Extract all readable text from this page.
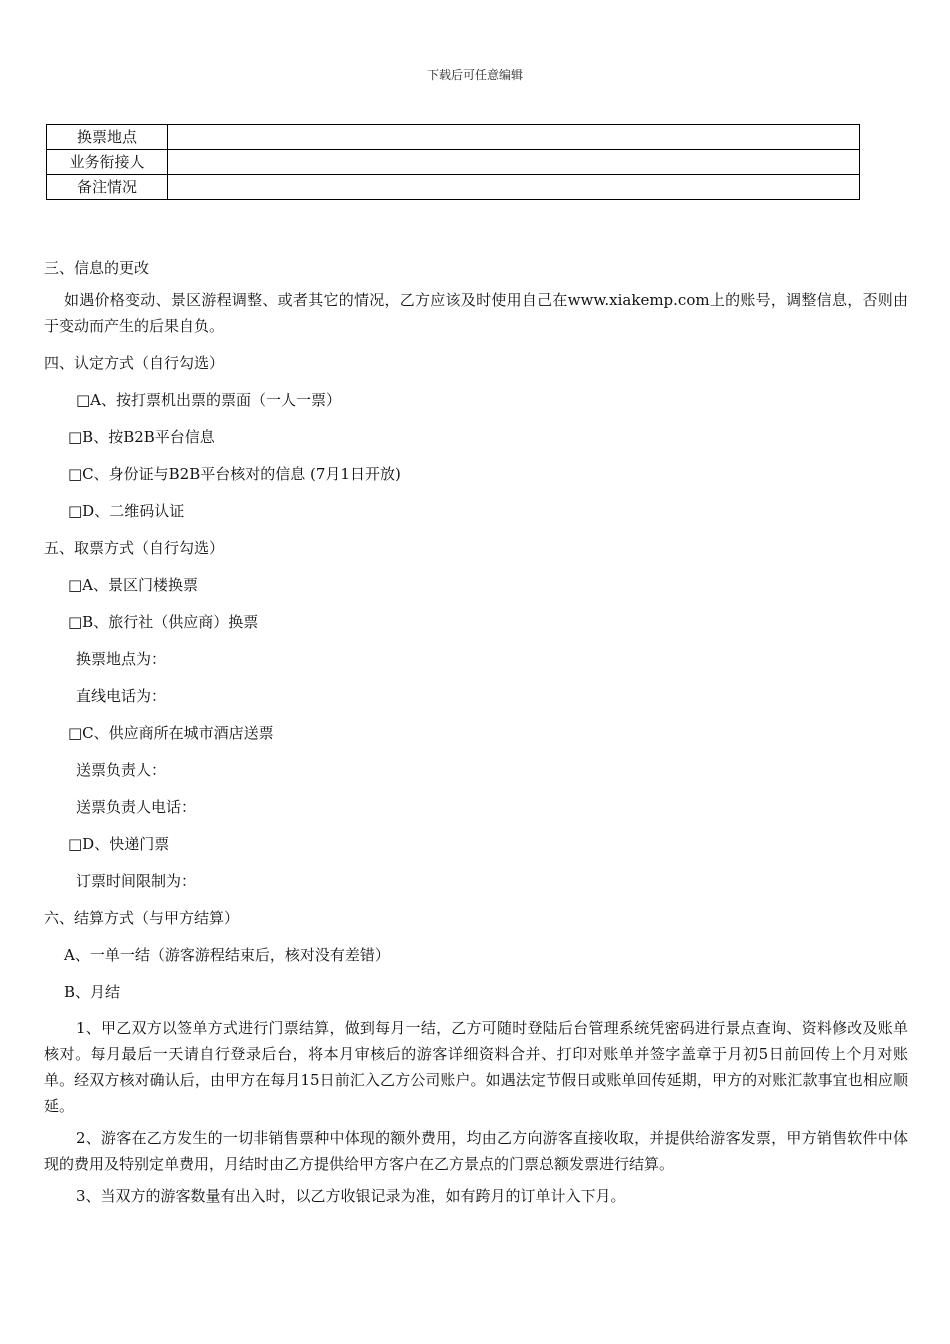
下载后可任意编辑
换票地点	
业务衔接人	
备注情况	
三、信息的更改
如遇价格变动、景区游程调整、或者其它的情况，乙方应该及时使用自己在www.xiakemp.com上的账号，调整信息，否则由于变动而产生的后果自负。
四、认定方式（自行勾选）
□A、按打票机出票的票面（一人一票）
□B、按B2B平台信息
□C、身份证与B2B平台核对的信息 (7月1日开放)
□D、二维码认证
五、取票方式（自行勾选）
□A、景区门楼换票
□B、旅行社（供应商）换票
换票地点为：
直线电话为：
□C、供应商所在城市酒店送票
送票负责人：
送票负责人电话：
□D、快递门票
订票时间限制为：
六、结算方式（与甲方结算）
A、一单一结（游客游程结束后，核对没有差错）
B、月结
1、甲乙双方以签单方式进行门票结算，做到每月一结，乙方可随时登陆后台管理系统凭密码进行景点查询、资料修改及账单核对。每月最后一天请自行登录后台，将本月审核后的游客详细资料合并、打印对账单并签字盖章于月初5日前回传上个月对账单。经双方核对确认后，由甲方在每月15日前汇入乙方公司账户。如遇法定节假日或账单回传延期，甲方的对账汇款事宜也相应顺延。
2、游客在乙方发生的一切非销售票种中体现的额外费用，均由乙方向游客直接收取，并提供给游客发票，甲方销售软件中体现的费用及特别定单费用，月结时由乙方提供给甲方客户在乙方景点的门票总额发票进行结算。
3、当双方的游客数量有出入时，以乙方收银记录为准，如有跨月的订单计入下月。
